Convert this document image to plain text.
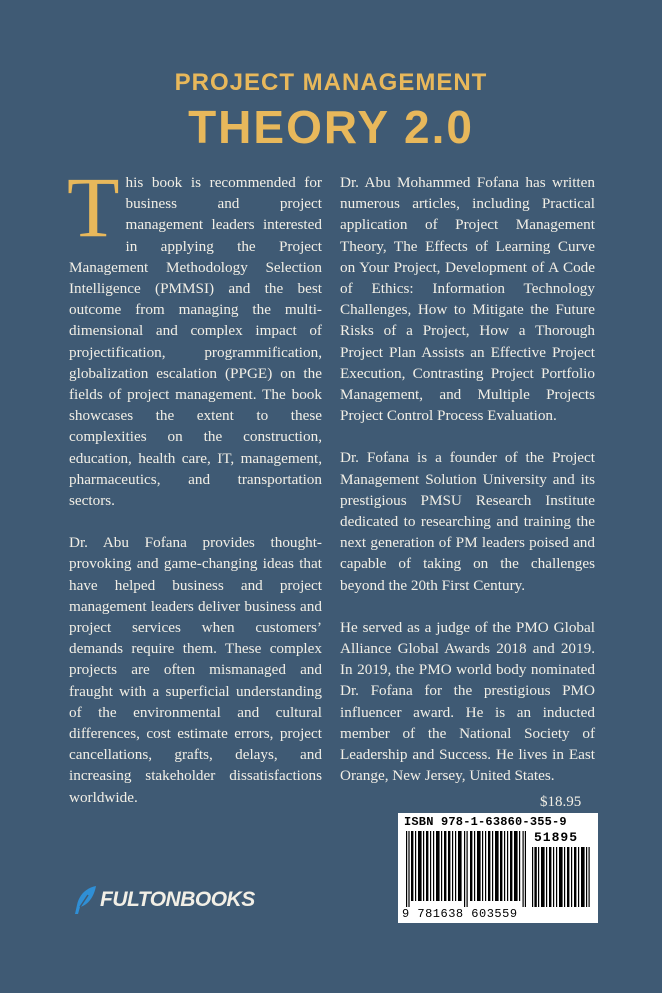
PROJECT MANAGEMENT
THEORY 2.0

This book is recommended for business and project management leaders interested in applying the Project Management Methodology Selection Intelligence (PMMSI) and the best outcome from managing the multi-dimensional and complex impact of projectification, programmification, globalization escalation (PPGE) on the fields of project management. The book showcases the extent to these complexities on the construction, education, health care, IT, management, pharmaceutics, and transportation sectors.

Dr. Abu Fofana provides thought-provoking and game-changing ideas that have helped business and project management leaders deliver business and project services when customers’ demands require them. These complex projects are often mismanaged and fraught with a superficial understanding of the environmental and cultural differences, cost estimate errors, project cancellations, grafts, delays, and increasing stakeholder dissatisfactions worldwide.

Dr. Abu Mohammed Fofana has written numerous articles, including Practical application of Project Management Theory, The Effects of Learning Curve on Your Project, Development of A Code of Ethics: Information Technology Challenges, How to Mitigate the Future Risks of a Project, How a Thorough Project Plan Assists an Effective Project Execution, Contrasting Project Portfolio Management, and Multiple Projects Project Control Process Evaluation.

Dr. Fofana is a founder of the Project Management Solution University and its prestigious PMSU Research Institute dedicated to researching and training the next generation of PM leaders poised and capable of taking on the challenges beyond the 20th First Century.

He served as a judge of the PMO Global Alliance Global Awards 2018 and 2019. In 2019, the PMO world body nominated Dr. Fofana for the prestigious PMO influencer award. He is an inducted member of the National Society of Leadership and Success. He lives in East Orange, New Jersey, United States.

$18.95
ISBN 978-1-63860-355-9
51895
9 781638 603559
FULTONBOOKS
